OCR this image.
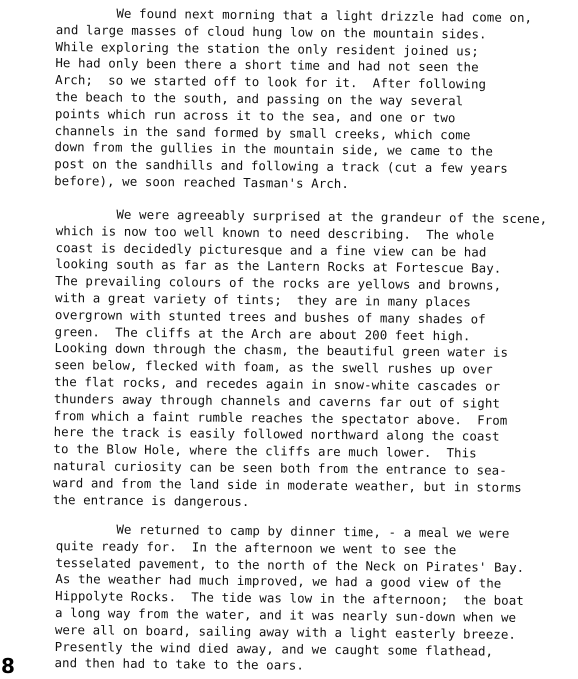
We found next morning that a light drizzle had come on,
and large masses of cloud hung low on the mountain sides.
While exploring the station the only resident joined us;
He had only been there a short time and had not seen the
Arch;  so we started off to look for it.  After following
the beach to the south, and passing on the way several
points which run across it to the sea, and one or two
channels in the sand formed by small creeks, which come
down from the gullies in the mountain side, we came to the
post on the sandhills and following a track (cut a few years
before), we soon reached Tasman's Arch.
We were agreeably surprised at the grandeur of the scene,
which is now too well known to need describing.  The whole
coast is decidedly picturesque and a fine view can be had
looking south as far as the Lantern Rocks at Fortescue Bay.
The prevailing colours of the rocks are yellows and browns,
with a great variety of tints;  they are in many places
overgrown with stunted trees and bushes of many shades of
green.  The cliffs at the Arch are about 200 feet high.
Looking down through the chasm, the beautiful green water is
seen below, flecked with foam, as the swell rushes up over
the flat rocks, and recedes again in snow-white cascades or
thunders away through channels and caverns far out of sight
from which a faint rumble reaches the spectator above.  From
here the track is easily followed northward along the coast
to the Blow Hole, where the cliffs are much lower.  This
natural curiosity can be seen both from the entrance to sea-
ward and from the land side in moderate weather, but in storms
the entrance is dangerous.
We returned to camp by dinner time, - a meal we were
quite ready for.  In the afternoon we went to see the
tesselated pavement, to the north of the Neck on Pirates' Bay.
As the weather had much improved, we had a good view of the
Hippolyte Rocks.  The tide was low in the afternoon;  the boat
a long way from the water, and it was nearly sun-down when we
were all on board, sailing away with a light easterly breeze.
Presently the wind died away, and we caught some flathead,
and then had to take to the oars.
8
